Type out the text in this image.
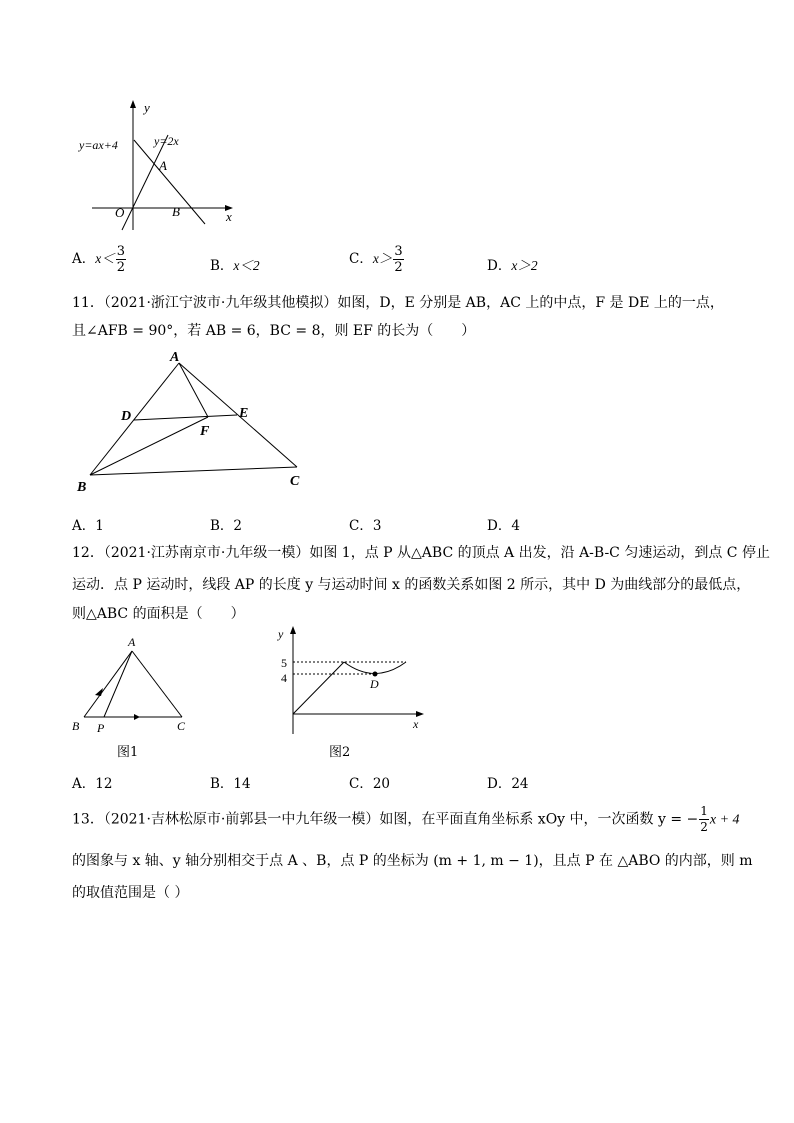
y
x
y=ax+4	y=2x
A
B
O
A．$x< \frac{3}{2}$	B．x＜2	C．$x> \frac{3}{2}$	D．x＞2
11．（2021·浙江宁波市·九年级其他模拟）如图，D，E 分别是 AB，AC 上的中点，F 是 DE 上的一点，
且∠AFB = 90°，若 AB = 6，BC = 8，则 EF 的长为（　　）
A
D	E
F
B	C
A．1	B．2	C．3	D．4
12．（2021·江苏南京市·九年级一模）如图 1，点 P 从△ABC 的顶点 A 出发，沿 A-B-C 匀速运动，到点 C 停止
运动．点 P 运动时，线段 AP 的长度 y 与运动时间 x 的函数关系如图 2 所示，其中 D 为曲线部分的最低点，
则△ABC 的面积是（　　）
A
B P	C
图1
y
x
5
4	D
图2
A．12	B．14	C．20	D．24
13．（2021·吉林松原市·前郭县一中九年级一模）如图，在平面直角坐标系 xOy 中，一次函数 y = − $\frac{1}{2}$ x + 4
的图象与 x 轴、y 轴分别相交于点 A 、B，点 P 的坐标为 (m + 1, m − 1)，且点 P 在 △ABO 的内部，则 m
的取值范围是（ ）
